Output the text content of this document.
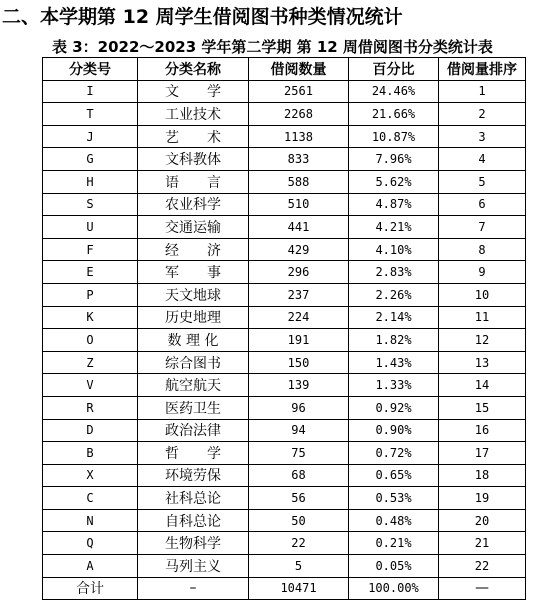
二、本学期第 12 周学生借阅图书种类情况统计
表 3：2022～2023 学年第二学期 第 12 周借阅图书分类统计表
分类号	分类名称	借阅数量	百分比	借阅量排序
I	文　　学	2561	24.46%	1
T	工业技术	2268	21.66%	2
J	艺　　术	1138	10.87%	3
G	文科教体	833	7.96%	4
H	语　　言	588	5.62%	5
S	农业科学	510	4.87%	6
U	交通运输	441	4.21%	7
F	经　　济	429	4.10%	8
E	军　　事	296	2.83%	9
P	天文地球	237	2.26%	10
K	历史地理	224	2.14%	11
O	数 理 化	191	1.82%	12
Z	综合图书	150	1.43%	13
V	航空航天	139	1.33%	14
R	医药卫生	96	0.92%	15
D	政治法律	94	0.90%	16
B	哲　　学	75	0.72%	17
X	环境劳保	68	0.65%	18
C	社科总论	56	0.53%	19
N	自科总论	50	0.48%	20
Q	生物科学	22	0.21%	21
A	马列主义	5	0.05%	22
合计	–	10471	100.00%	—
